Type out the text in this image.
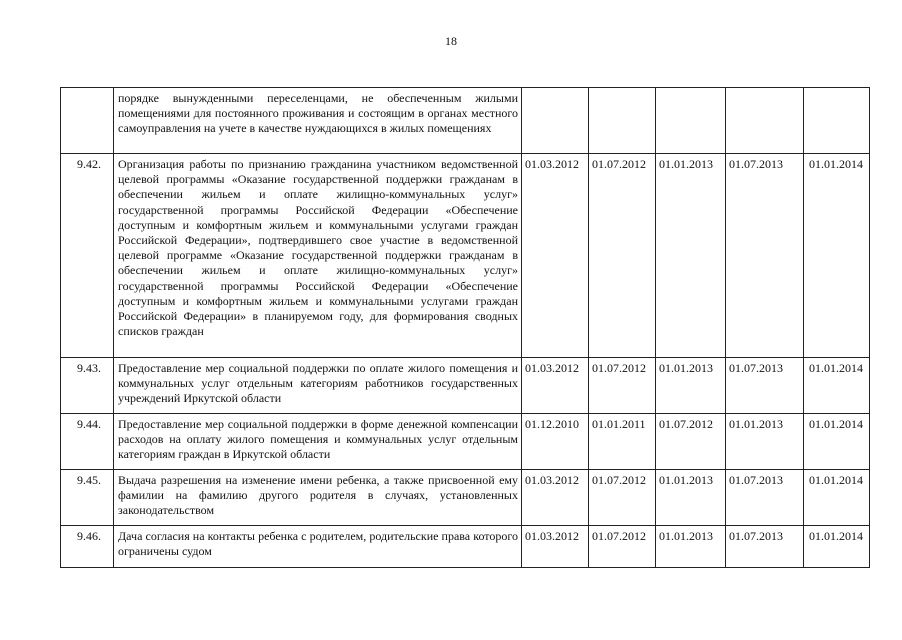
18
	порядке вынужденными переселенцами, не обеспеченным жилыми помещениями для постоянного проживания и состоящим в органах местного самоуправления на учете в качестве нуждающихся в жилых помещениях					
9.42.	Организация работы по признанию гражданина участником ведомственной целевой программы «Оказание государственной поддержки гражданам в обеспечении жильем и оплате жилищно-коммунальных услуг» государственной программы Российской Федерации «Обеспечение доступным и комфортным жильем и коммунальными услугами граждан Российской Федерации», подтвердившего свое участие в ведомственной целевой программе «Оказание государственной поддержки гражданам в обеспечении жильем и оплате жилищно-коммунальных услуг» государственной программы Российской Федерации «Обеспечение доступным и комфортным жильем и коммунальными услугами граждан Российской Федерации» в планируемом году, для формирования сводных списков граждан	01.03.2012	01.07.2012	01.01.2013	01.07.2013	01.01.2014
9.43.	Предоставление мер социальной поддержки по оплате жилого помещения и коммунальных услуг отдельным категориям работников государственных учреждений Иркутской области	01.03.2012	01.07.2012	01.01.2013	01.07.2013	01.01.2014
9.44.	Предоставление мер социальной поддержки в форме денежной компенсации расходов на оплату жилого помещения и коммунальных услуг отдельным категориям граждан в Иркутской области	01.12.2010	01.01.2011	01.07.2012	01.01.2013	01.01.2014
9.45.	Выдача разрешения на изменение имени ребенка, а также присвоенной ему фамилии на фамилию другого родителя в случаях, установленных законодательством	01.03.2012	01.07.2012	01.01.2013	01.07.2013	01.01.2014
9.46.	Дача согласия на контакты ребенка с родителем, родительские права которого ограничены судом	01.03.2012	01.07.2012	01.01.2013	01.07.2013	01.01.2014
